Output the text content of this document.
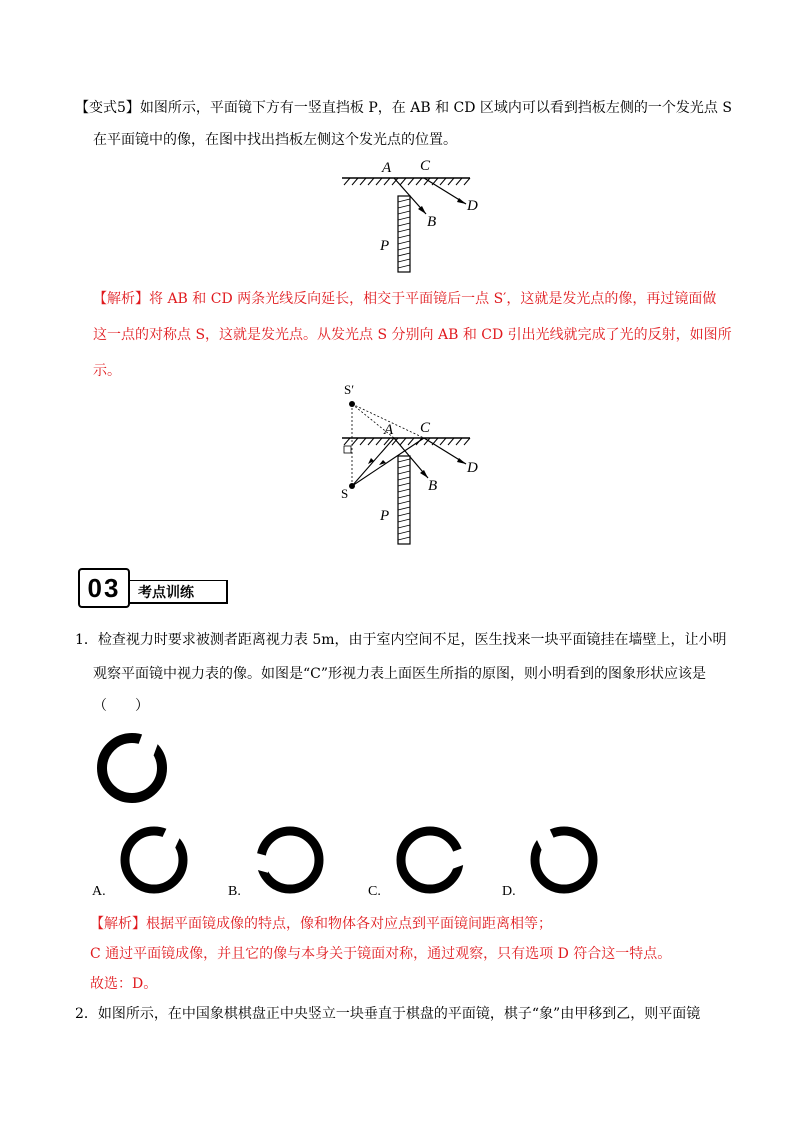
【变式5】如图所示，平面镜下方有一竖直挡板 P，在 AB 和 CD 区域内可以看到挡板左侧的一个发光点 S
在平面镜中的像，在图中找出挡板左侧这个发光点的位置。
A C
B
D
P
【解析】将 AB 和 CD 两条光线反向延长，相交于平面镜后一点 S′，这就是发光点的像，再过镜面做
这一点的对称点 S，这就是发光点。从发光点 S 分别向 AB 和 CD 引出光线就完成了光的反射，如图所
示。
S′
A C
S	B
D
P
03	考点训练
1．检查视力时要求被测者距离视力表 5m，由于室内空间不足，医生找来一块平面镜挂在墙壁上，让小明
观察平面镜中视力表的像。如图是“C”形视力表上面医生所指的原图，则小明看到的图象形状应该是
（　　）
A.	B.	C.	D.
【解析】根据平面镜成像的特点，像和物体各对应点到平面镜间距离相等；
C 通过平面镜成像，并且它的像与本身关于镜面对称，通过观察，只有选项 D 符合这一特点。
故选：D。
2．如图所示，在中国象棋棋盘正中央竖立一块垂直于棋盘的平面镜，棋子“象”由甲移到乙，则平面镜
